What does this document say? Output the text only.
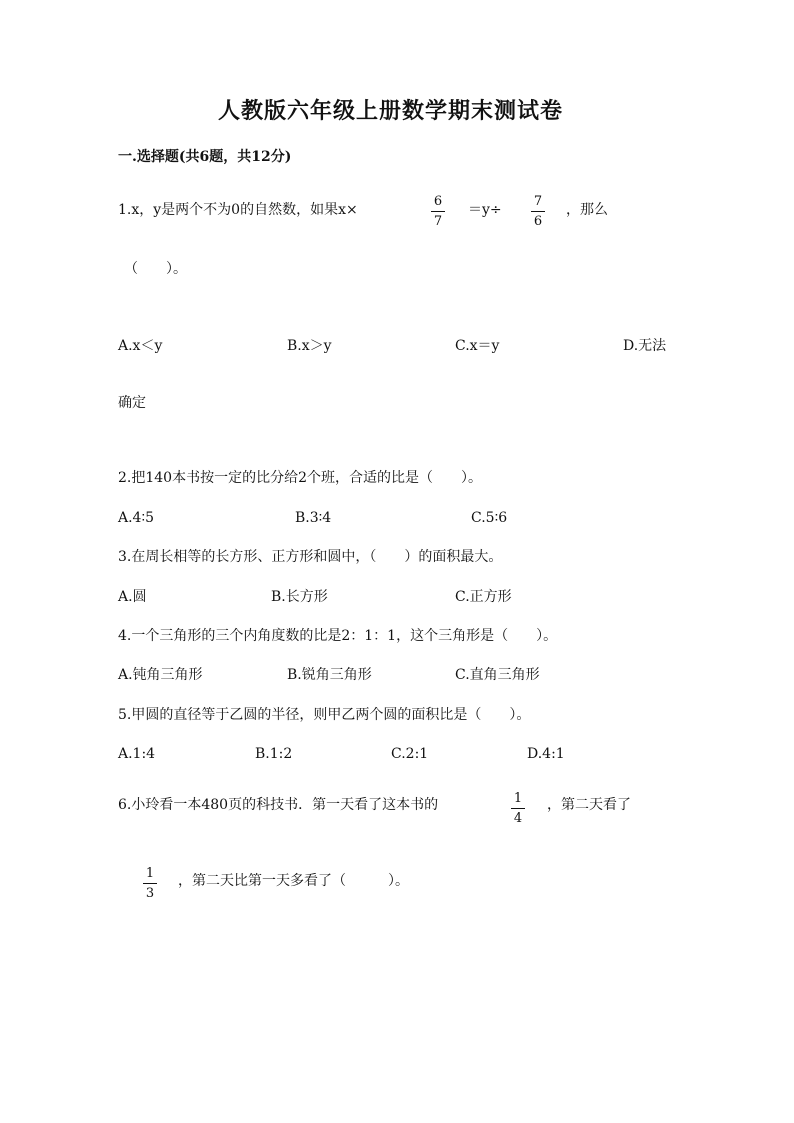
人教版六年级上册数学期末测试卷
一.选择题(共6题，共12分)
1.x，y是两个不为0的自然数，如果x×
6
7
＝y÷
7
6
，那么
（　　）。
A.x＜y	B.x＞y	C.x＝y	D.无法
确定
2.把140本书按一定的比分给2个班，合适的比是（　　）。
A.4∶5	B.3∶4	C.5∶6
3.在周长相等的长方形、正方形和圆中，（　　）的面积最大。
A.圆	B.长方形	C.正方形
4.一个三角形的三个内角度数的比是2：1：1，这个三角形是（　　）。
A.钝角三角形	B.锐角三角形	C.直角三角形
5.甲圆的直径等于乙圆的半径，则甲乙两个圆的面积比是（　　）。
A.1:4	B.1:2	C.2:1	D.4:1
6.小玲看一本480页的科技书．第一天看了这本书的	1
4
，第二天看了
1
3
，第二天比第一天多看了（　　　）。
